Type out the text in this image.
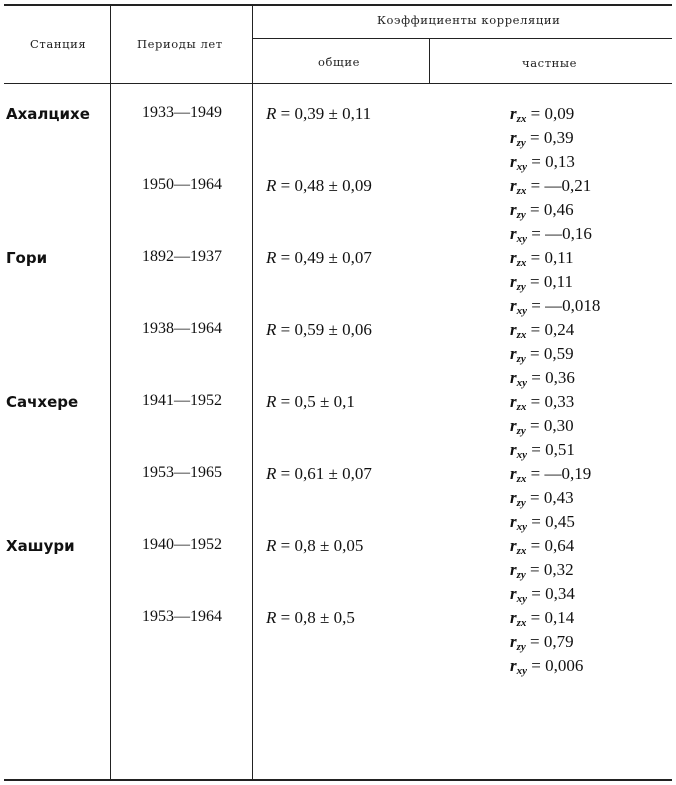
Станция	Периоды лет
Коэффициенты корреляции
общие	частные
Ахалцихе	1933—1949	R = 0,39 ± 0,11	$r_{zx} = 0,09$
$r_{zy} = 0,39$
$r_{xy} = 0,13$
1950—1964	R = 0,48 ± 0,09	$r_{zx}$ = —0,21
$r_{zy} = 0,46$
$r_{xy}$ = —0,16
Гори	1892—1937	R = 0,49 ± 0,07	$r_{zx} = 0,11$
$r_{zy} = 0,11$
$r_{xy}$ = —0,018
1938—1964	R = 0,59 ± 0,06	$r_{zx} = 0,24$
$r_{zy} = 0,59$
$r_{xy} = 0,36$
Сачхере	1941—1952	R = 0,5 ± 0,1	$r_{zx} = 0,33$
$r_{zy} = 0,30$
$r_{xy} = 0,51$
1953—1965	R = 0,61 ± 0,07	$r_{zx}$ = —0,19
$r_{zy} = 0,43$
$r_{xy} = 0,45$
Хашури	1940—1952	R = 0,8 ± 0,05	$r_{zx} = 0,64$
$r_{zy} = 0,32$
$r_{xy} = 0,34$
1953—1964	R = 0,8 ± 0,5	$r_{zx} = 0,14$
$r_{zy} = 0,79$
$r_{xy} = 0,006$
